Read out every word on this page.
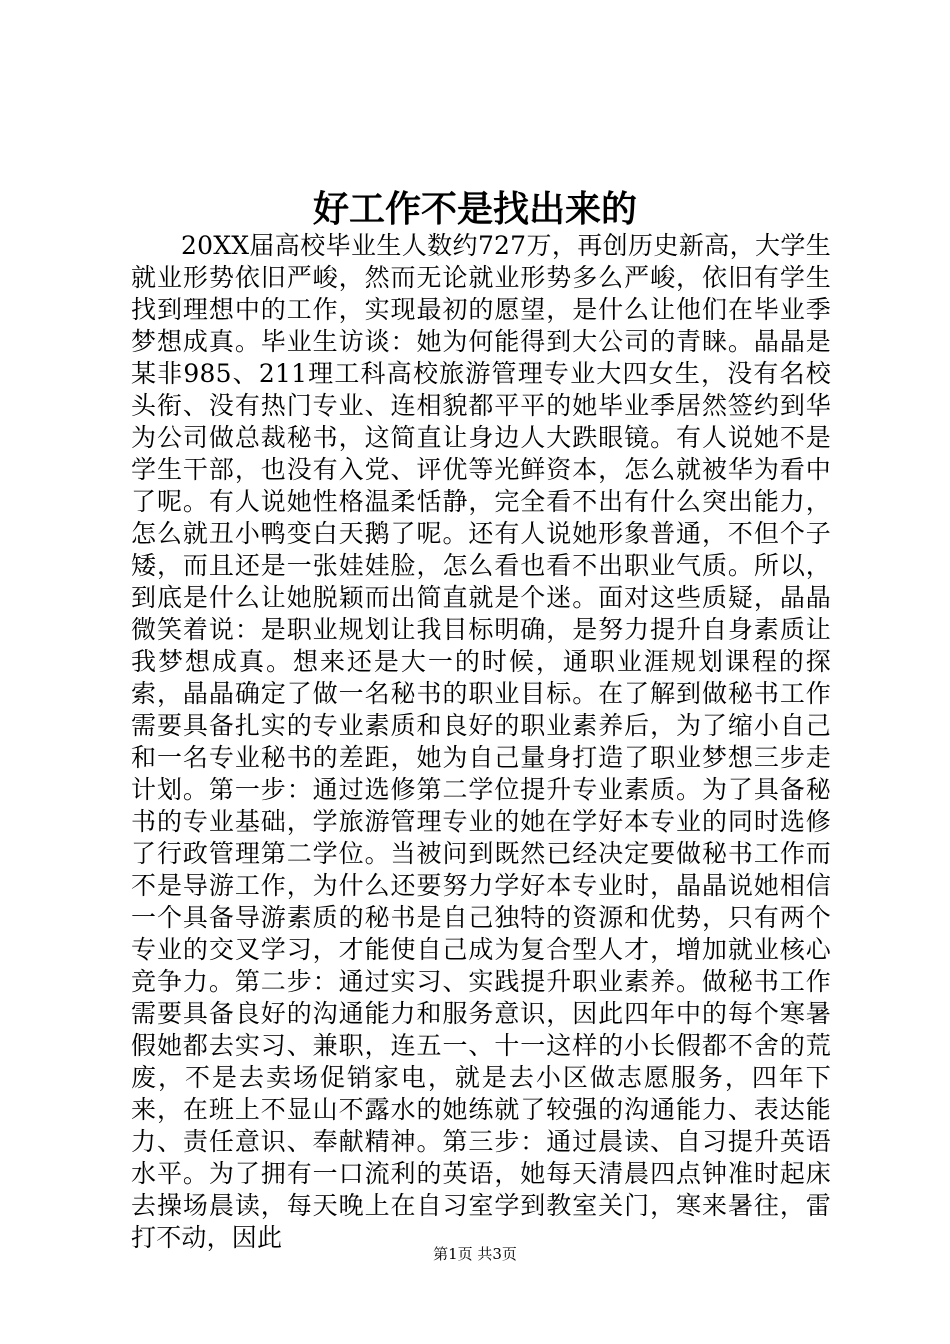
好工作不是找出来的

20XX届高校毕业生人数约727万，再创历史新高，大学生就业形势依旧严峻，然而无论就业形势多么严峻，依旧有学生找到理想中的工作，实现最初的愿望，是什么让他们在毕业季梦想成真。毕业生访谈：她为何能得到大公司的青睐。晶晶是某非985、211理工科高校旅游管理专业大四女生，没有名校头衔、没有热门专业、连相貌都平平的她毕业季居然签约到华为公司做总裁秘书，这简直让身边人大跌眼镜。有人说她不是学生干部，也没有入党、评优等光鲜资本，怎么就被华为看中了呢。有人说她性格温柔恬静，完全看不出有什么突出能力，怎么就丑小鸭变白天鹅了呢。还有人说她形象普通，不但个子矮，而且还是一张娃娃脸，怎么看也看不出职业气质。所以，到底是什么让她脱颖而出简直就是个迷。面对这些质疑，晶晶微笑着说：是职业规划让我目标明确，是努力提升自身素质让我梦想成真。想来还是大一的时候，通职业涯规划课程的探索，晶晶确定了做一名秘书的职业目标。在了解到做秘书工作需要具备扎实的专业素质和良好的职业素养后，为了缩小自己和一名专业秘书的差距，她为自己量身打造了职业梦想三步走计划。第一步：通过选修第二学位提升专业素质。为了具备秘书的专业基础，学旅游管理专业的她在学好本专业的同时选修了行政管理第二学位。当被问到既然已经决定要做秘书工作而不是导游工作，为什么还要努力学好本专业时，晶晶说她相信一个具备导游素质的秘书是自己独特的资源和优势，只有两个专业的交叉学习，才能使自己成为复合型人才，增加就业核心竞争力。第二步：通过实习、实践提升职业素养。做秘书工作需要具备良好的沟通能力和服务意识，因此四年中的每个寒暑假她都去实习、兼职，连五一、十一这样的小长假都不舍的荒废，不是去卖场促销家电，就是去小区做志愿服务，四年下来，在班上不显山不露水的她练就了较强的沟通能力、表达能力、责任意识、奉献精神。第三步：通过晨读、自习提升英语水平。为了拥有一口流利的英语，她每天清晨四点钟准时起床去操场晨读，每天晚上在自习室学到教室关门，寒来暑往，雷打不动，因此

第1页 共3页
